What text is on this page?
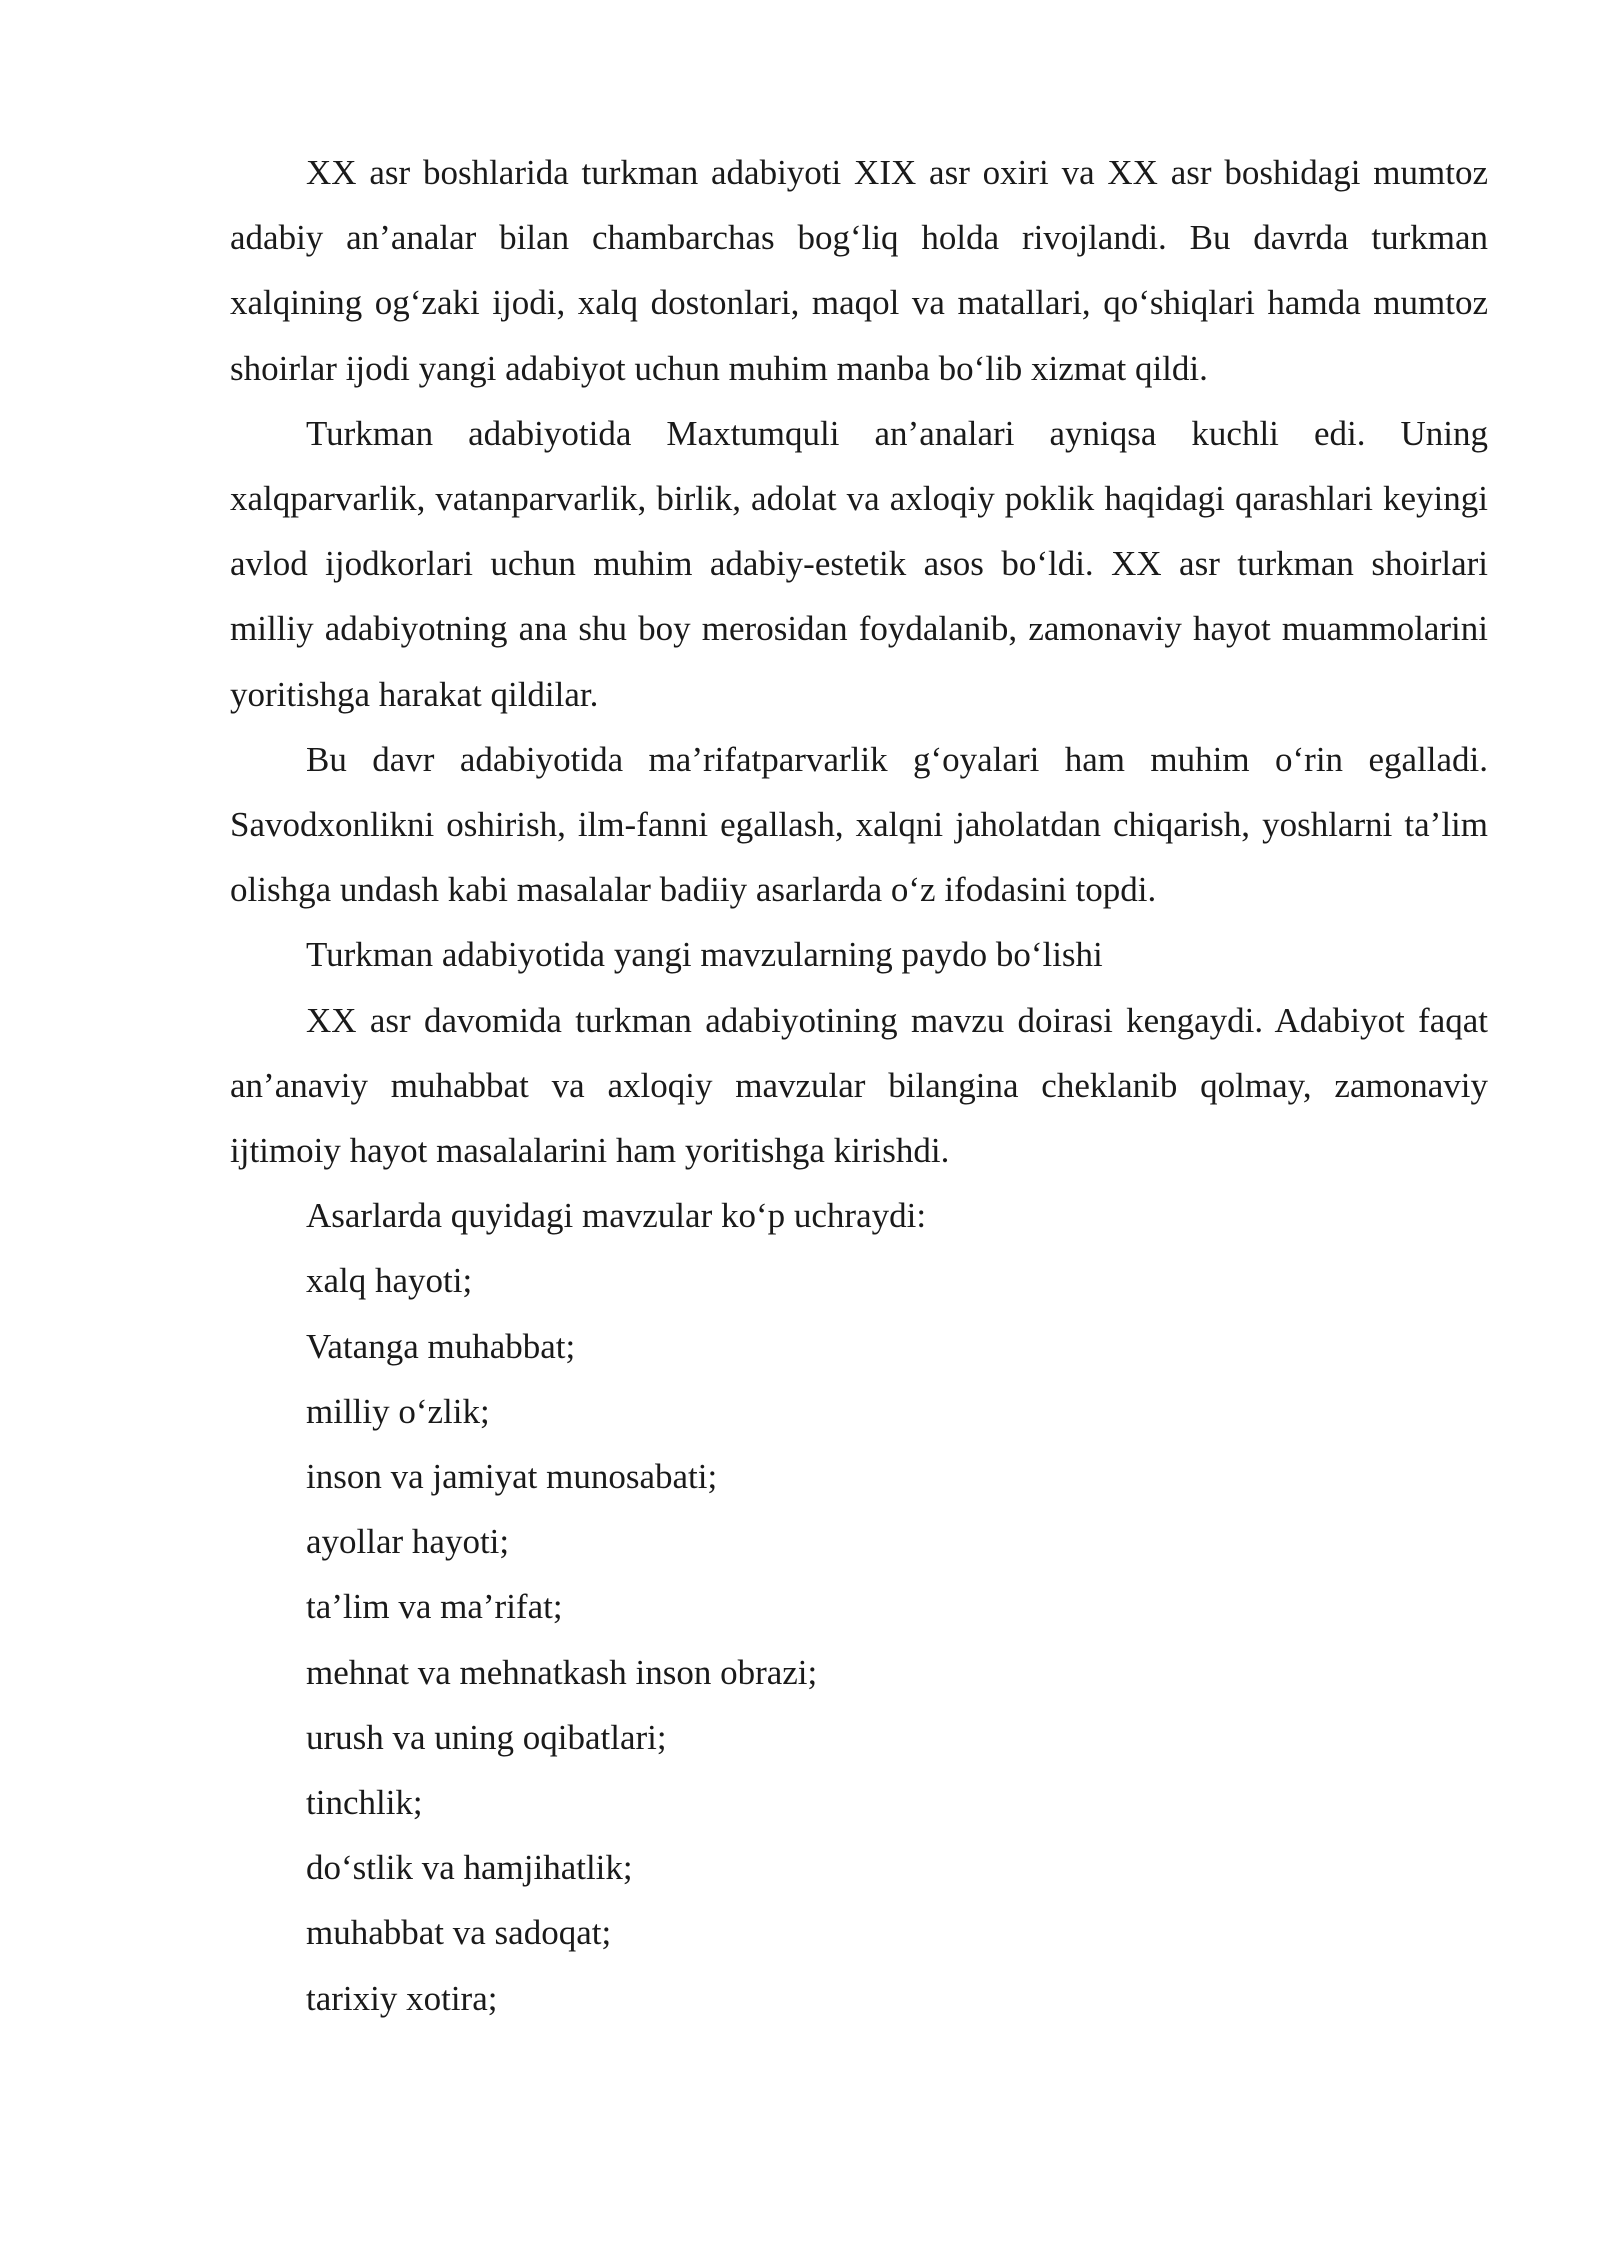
XX asr boshlarida turkman adabiyoti XIX asr oxiri va XX asr boshidagi mumtoz adabiy an’analar bilan chambarchas bog‘liq holda rivojlandi. Bu davrda turkman xalqining og‘zaki ijodi, xalq dostonlari, maqol va matallari, qo‘shiqlari hamda mumtoz shoirlar ijodi yangi adabiyot uchun muhim manba bo‘lib xizmat qildi.

Turkman adabiyotida Maxtumquli an’analari ayniqsa kuchli edi. Uning xalqparvarlik, vatanparvarlik, birlik, adolat va axloqiy poklik haqidagi qarashlari keyingi avlod ijodkorlari uchun muhim adabiy-estetik asos bo‘ldi. XX asr turkman shoirlari milliy adabiyotning ana shu boy merosidan foydalanib, zamonaviy hayot muammolarini yoritishga harakat qildilar.

Bu davr adabiyotida ma’rifatparvarlik g‘oyalari ham muhim o‘rin egalladi. Savodxonlikni oshirish, ilm-fanni egallash, xalqni jaholatdan chiqarish, yoshlarni ta’lim olishga undash kabi masalalar badiiy asarlarda o‘z ifodasini topdi.

Turkman adabiyotida yangi mavzularning paydo bo‘lishi

XX asr davomida turkman adabiyotining mavzu doirasi kengaydi. Adabiyot faqat an’anaviy muhabbat va axloqiy mavzular bilangina cheklanib qolmay, zamonaviy ijtimoiy hayot masalalarini ham yoritishga kirishdi.

Asarlarda quyidagi mavzular ko‘p uchraydi:

xalq hayoti;

Vatanga muhabbat;

milliy o‘zlik;

inson va jamiyat munosabati;

ayollar hayoti;

ta’lim va ma’rifat;

mehnat va mehnatkash inson obrazi;

urush va uning oqibatlari;

tinchlik;

do‘stlik va hamjihatlik;

muhabbat va sadoqat;

tarixiy xotira;
